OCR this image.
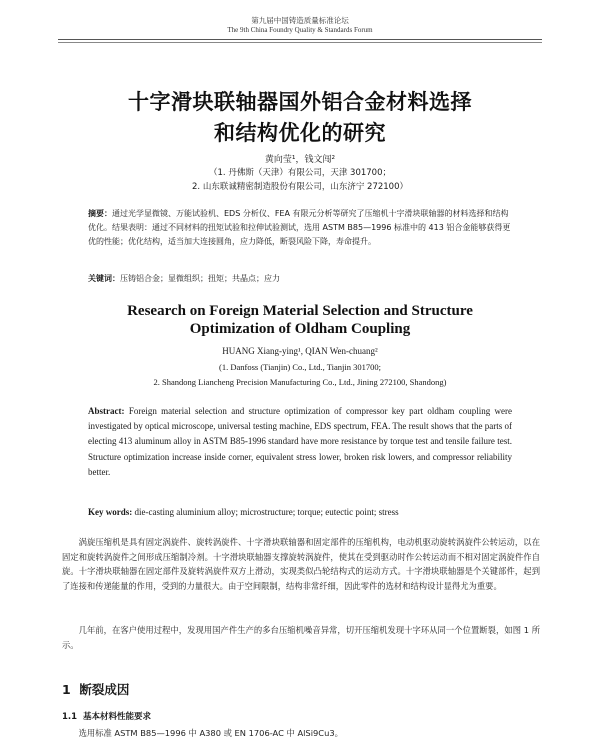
第九届中国铸造质量标准论坛
The 9th China Foundry Quality & Standards Forum
十字滑块联轴器国外铝合金材料选择
和结构优化的研究
黄向莹¹，钱文闯²
（1. 丹佛斯（天津）有限公司，天津 301700；
2. 山东联诚精密制造股份有限公司，山东济宁 272100）
摘要：通过光学显微镜、万能试验机、EDS 分析仪、FEA 有限元分析等研究了压缩机十字滑块联轴器的材料选择和结构优化。结果表明：通过不同材料的扭矩试验和拉伸试验测试，选用 ASTM B85—1996 标准中的 413 铝合金能够获得更优的性能；优化结构，适当加大连接圆角，应力降低，断裂风险下降，寿命提升。
关键词：压铸铝合金；显微组织；扭矩；共晶点；应力
Research on Foreign Material Selection and Structure
Optimization of Oldham Coupling
HUANG Xiang-ying¹, QIAN Wen-chuang²
(1. Danfoss (Tianjin) Co., Ltd., Tianjin 301700;
2. Shandong Liancheng Precision Manufacturing Co., Ltd., Jining 272100, Shandong)
Abstract: Foreign material selection and structure optimization of compressor key part oldham coupling were investigated by optical microscope, universal testing machine, EDS spectrum, FEA. The result shows that the parts of electing 413 aluminum alloy in ASTM B85-1996 standard have more resistance by torque test and tensile failure test. Structure optimization increase inside corner, equivalent stress lower, broken risk lowers, and compressor reliability better.
Key words: die-casting aluminium alloy; microstructure; torque; eutectic point; stress
涡旋压缩机是具有固定涡旋件、旋转涡旋件、十字滑块联轴器和固定部件的压缩机构，电动机驱动旋转涡旋件公转运动，以在固定和旋转涡旋件之间形成压缩制冷剂。十字滑块联轴器支撑旋转涡旋件，使其在受到驱动时作公转运动而不相对固定涡旋件作自旋。十字滑块联轴器在固定部件及旋转涡旋件双方上滑动，实现类似凸轮结构式的运动方式。十字滑块联轴器是个关键部件，起到了连接和传递能量的作用，受到的力量很大。由于空间限制，结构非常纤细，因此零件的选材和结构设计显得尤为重要。
几年前，在客户使用过程中，发现用国产件生产的多台压缩机噪音异常，切开压缩机发现十字环从同一个位置断裂，如图 1 所示。
1 断裂成因
1.1 基本材料性能要求
选用标准 ASTM B85—1996 中 A380 或 EN 1706-AC 中 AlSi9Cu3。
